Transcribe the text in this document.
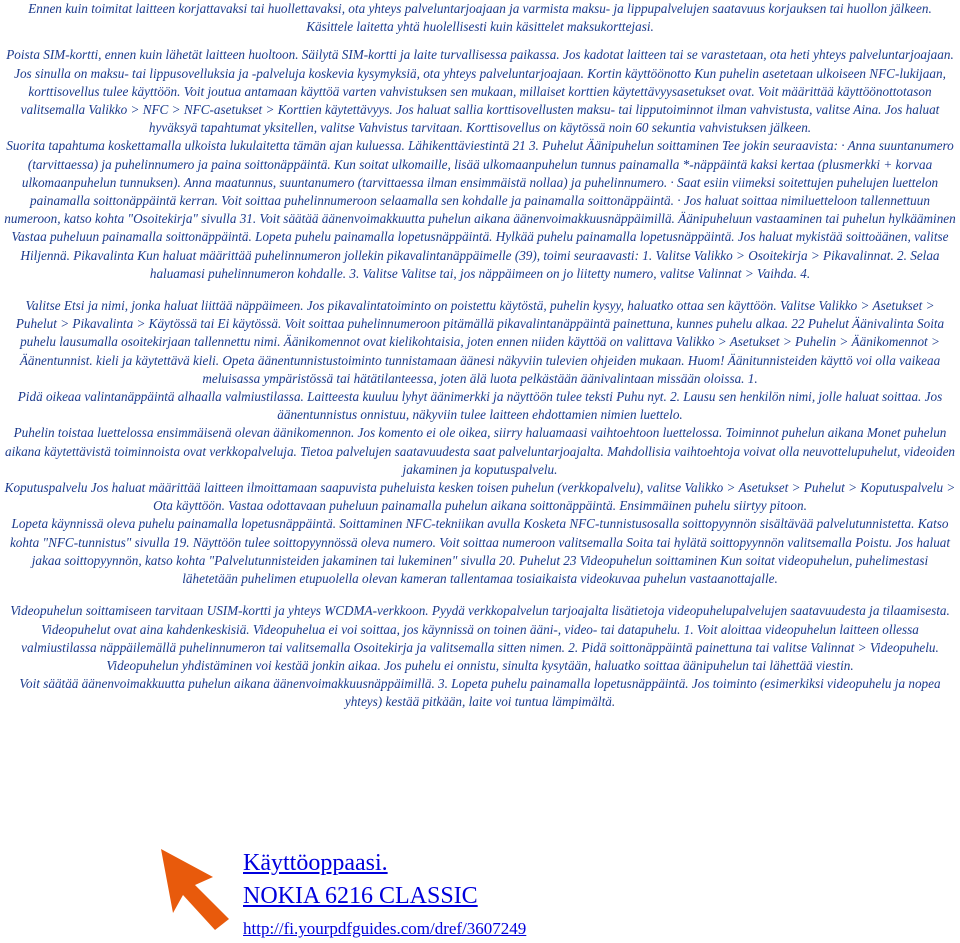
Ennen kuin toimitat laitteen korjattavaksi tai huollettavaksi, ota yhteys palveluntarjoajaan ja varmista maksu- ja lippupalvelujen saatavuus korjauksen tai huollon jälkeen. Käsittele laitetta yhtä huolellisesti kuin käsittelet maksukorttejasi.
Poista SIM-kortti, ennen kuin lähetät laitteen huoltoon. Säilytä SIM-kortti ja laite turvallisessa paikassa. Jos kadotat laitteen tai se varastetaan, ota heti yhteys palveluntarjoajaan. Jos sinulla on maksu- tai lippusovelluksia ja -palveluja koskevia kysymyksiä, ota yhteys palveluntarjoajaan. Kortin käyttöönotto Kun puhelin asetetaan ulkoiseen NFC-lukijaan, korttisovellus tulee käyttöön. Voit joutua antamaan käyttöä varten vahvistuksen sen mukaan, millaiset korttien käytettävyysasetukset ovat. Voit määrittää käyttöönottotason valitsemalla Valikko > NFC > NFC-asetukset > Korttien käytettävyys. Jos haluat sallia korttisovellusten maksu- tai lipputoiminnot ilman vahvistusta, valitse Aina. Jos haluat hyväksyä tapahtumat yksitellen, valitse Vahvistus tarvitaan. Korttisovellus on käytössä noin 60 sekuntia vahvistuksen jälkeen.
Suorita tapahtuma koskettamalla ulkoista lukulaitetta tämän ajan kuluessa. Lähikenttäviestintä 21 3. Puhelut Äänipuhelun soittaminen Tee jokin seuraavista: · Anna suuntanumero (tarvittaessa) ja puhelinnumero ja paina soittonäppäintä. Kun soitat ulkomaille, lisää ulkomaanpuhelun tunnus painamalla *-näppäintä kaksi kertaa (plusmerkki + korvaa ulkomaanpuhelun tunnuksen). Anna maatunnus, suuntanumero (tarvittaessa ilman ensimmäistä nollaa) ja puhelinnumero. · Saat esiin viimeksi soitettujen puhelujen luettelon painamalla soittonäppäintä kerran. Voit soittaa puhelinnumeroon selaamalla sen kohdalle ja painamalla soittonäppäintä. · Jos haluat soittaa nimiluetteloon tallennettuun numeroon, katso kohta "Osoitekirja" sivulla 31. Voit säätää äänenvoimakkuutta puhelun aikana äänenvoimakkuusnäppäimillä. Äänipuheluun vastaaminen tai puhelun hylkääminen Vastaa puheluun painamalla soittonäppäintä. Lopeta puhelu painamalla lopetusnäppäintä. Hylkää puhelu painamalla lopetusnäppäintä. Jos haluat mykistää soittoäänen, valitse Hiljennä. Pikavalinta Kun haluat määrittää puhelinnumeron jollekin pikavalintanäppäimelle (39), toimi seuraavasti: 1. Valitse Valikko > Osoitekirja > Pikavalinnat. 2. Selaa haluamasi puhelinnumeron kohdalle. 3. Valitse Valitse tai, jos näppäimeen on jo liitetty numero, valitse Valinnat > Vaihda. 4.
Valitse Etsi ja nimi, jonka haluat liittää näppäimeen. Jos pikavalintatoiminto on poistettu käytöstä, puhelin kysyy, haluatko ottaa sen käyttöön. Valitse Valikko > Asetukset > Puhelut > Pikavalinta > Käytössä tai Ei käytössä. Voit soittaa puhelinnumeroon pitämällä pikavalintanäppäintä painettuna, kunnes puhelu alkaa. 22 Puhelut Äänivalinta Soita puhelu lausumalla osoitekirjaan tallennettu nimi. Äänikomennot ovat kielikohtaisia, joten ennen niiden käyttöä on valittava Valikko > Asetukset > Puhelin > Äänikomennot > Äänentunnist. kieli ja käytettävä kieli. Opeta äänentunnistustoiminto tunnistamaan äänesi näkyviin tulevien ohjeiden mukaan. Huom! Äänitunnisteiden käyttö voi olla vaikeaa meluisassa ympäristössä tai hätätilanteessa, joten älä luota pelkästään äänivalintaan missään oloissa. 1.
Pidä oikeaa valintanäppäintä alhaalla valmiustilassa. Laitteesta kuuluu lyhyt äänimerkki ja näyttöön tulee teksti Puhu nyt. 2. Lausu sen henkilön nimi, jolle haluat soittaa. Jos äänentunnistus onnistuu, näkyviin tulee laitteen ehdottamien nimien luettelo.
Puhelin toistaa luettelossa ensimmäisenä olevan äänikomennon. Jos komento ei ole oikea, siirry haluamaasi vaihtoehtoon luettelossa. Toiminnot puhelun aikana Monet puhelun aikana käytettävistä toiminnoista ovat verkkopalveluja. Tietoa palvelujen saatavuudesta saat palveluntarjoajalta. Mahdollisia vaihtoehtoja voivat olla neuvottelupuhelut, videoiden jakaminen ja koputuspalvelu.
Koputuspalvelu Jos haluat määrittää laitteen ilmoittamaan saapuvista puheluista kesken toisen puhelun (verkkopalvelu), valitse Valikko > Asetukset > Puhelut > Koputuspalvelu > Ota käyttöön. Vastaa odottavaan puheluun painamalla puhelun aikana soittonäppäintä. Ensimmäinen puhelu siirtyy pitoon.
Lopeta käynnissä oleva puhelu painamalla lopetusnäppäintä. Soittaminen NFC-tekniikan avulla Kosketa NFC-tunnistusosalla soittopyynnön sisältävää palvelutunnistetta. Katso kohta "NFC-tunnistus" sivulla 19. Näyttöön tulee soittopyynnössä oleva numero. Voit soittaa numeroon valitsemalla Soita tai hylätä soittopyynnön valitsemalla Poistu. Jos haluat jakaa soittopyynnön, katso kohta "Palvelutunnisteiden jakaminen tai lukeminen" sivulla 20. Puhelut 23 Videopuhelun soittaminen Kun soitat videopuhelun, puhelimestasi lähetetään puhelimen etupuolella olevan kameran tallentamaa tosiaikaista videokuvaa puhelun vastaanottajalle.
Videopuhelun soittamiseen tarvitaan USIM-kortti ja yhteys WCDMA-verkkoon. Pyydä verkkopalvelun tarjoajalta lisätietoja videopuhelupalvelujen saatavuudesta ja tilaamisesta. Videopuhelut ovat aina kahdenkeskisiä. Videopuhelua ei voi soittaa, jos käynnissä on toinen ääni-, video- tai datapuhelu. 1. Voit aloittaa videopuhelun laitteen ollessa valmiustilassa näppäilemällä puhelinnumeron tai valitsemalla Osoitekirja ja valitsemalla sitten nimen. 2. Pidä soittonäppäintä painettuna tai valitse Valinnat > Videopuhelu. Videopuhelun yhdistäminen voi kestää jonkin aikaa. Jos puhelu ei onnistu, sinulta kysytään, haluatko soittaa äänipuhelun tai lähettää viestin.
Voit säätää äänenvoimakkuutta puhelun aikana äänenvoimakkuusnäppäimillä. 3. Lopeta puhelu painamalla lopetusnäppäintä. Jos toiminto (esimerkiksi videopuhelu ja nopea yhteys) kestää pitkään, laite voi tuntua lämpimältä.
Käyttöoppaasi.
NOKIA 6216 CLASSIC
http://fi.yourpdfguides.com/dref/3607249
